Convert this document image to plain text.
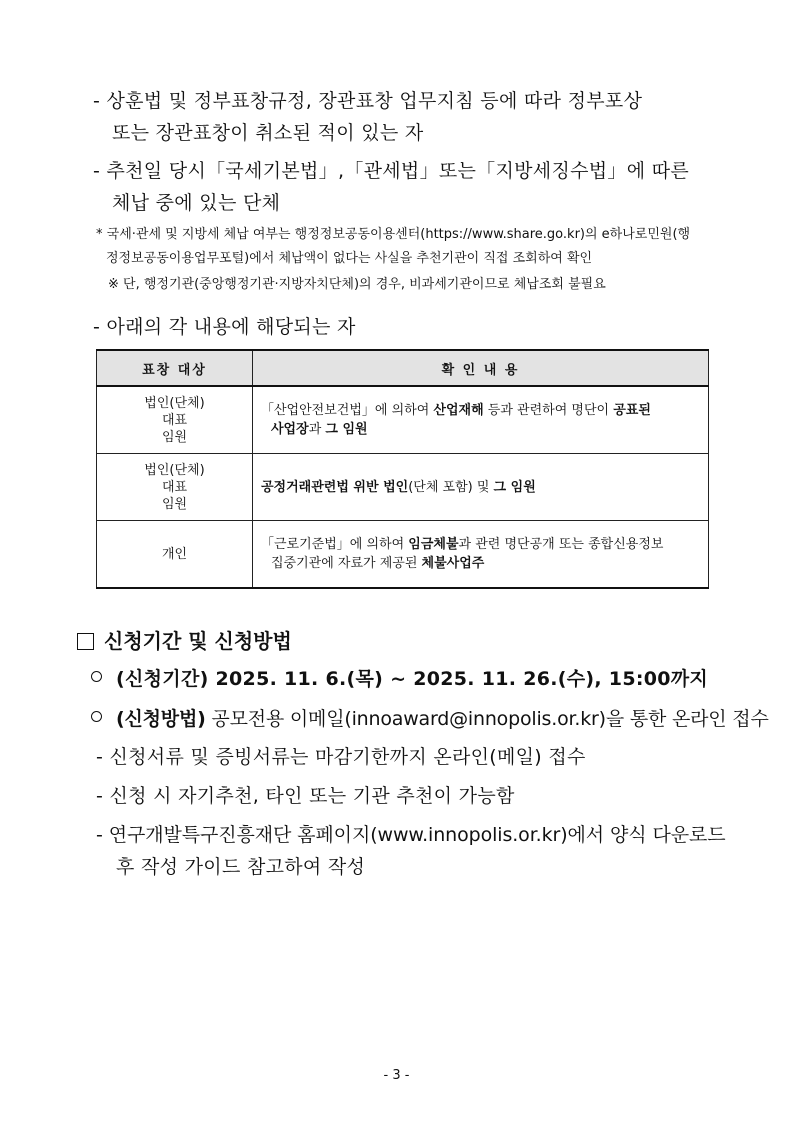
- 상훈법 및 정부표창규정, 장관표창 업무지침 등에 따라 정부포상
또는 장관표창이 취소된 적이 있는 자
- 추천일 당시「국세기본법」,「관세법」또는「지방세징수법」에 따른
체납 중에 있는 단체
* 국세·관세 및 지방세 체납 여부는 행정정보공동이용센터(https://www.share.go.kr)의 e하나로민원(행
정정보공동이용업무포털)에서 체납액이 없다는 사실을 추천기관이 직접 조회하여 확인
※ 단, 행정기관(중앙행정기관·지방자치단체)의 경우, 비과세기관이므로 체납조회 불필요
- 아래의 각 내용에 해당되는 자
표창 대상	확 인 내 용
법인(단체)
대표
임원	「산업안전보건법」에 의하여 산업재해 등과 관련하여 명단이 공표된
사업장과 그 임원

법인(단체)
대표
임원	공정거래관련법 위반 법인(단체 포함) 및 그 임원
개인	「근로기준법」에 의하여 임금체불과 관련 명단공개 또는 종합신용정보
집중기관에 자료가 제공된 체불사업주
신청기간 및 신청방법
(신청기간) 2025. 11. 6.(목) ~ 2025. 11. 26.(수), 15:00까지
(신청방법) 공모전용 이메일(innoaward@innopolis.or.kr)을 통한 온라인 접수
- 신청서류 및 증빙서류는 마감기한까지 온라인(메일) 접수
- 신청 시 자기추천, 타인 또는 기관 추천이 가능함
- 연구개발특구진흥재단 홈페이지(www.innopolis.or.kr)에서 양식 다운로드
후 작성 가이드 참고하여 작성
- 3 -
